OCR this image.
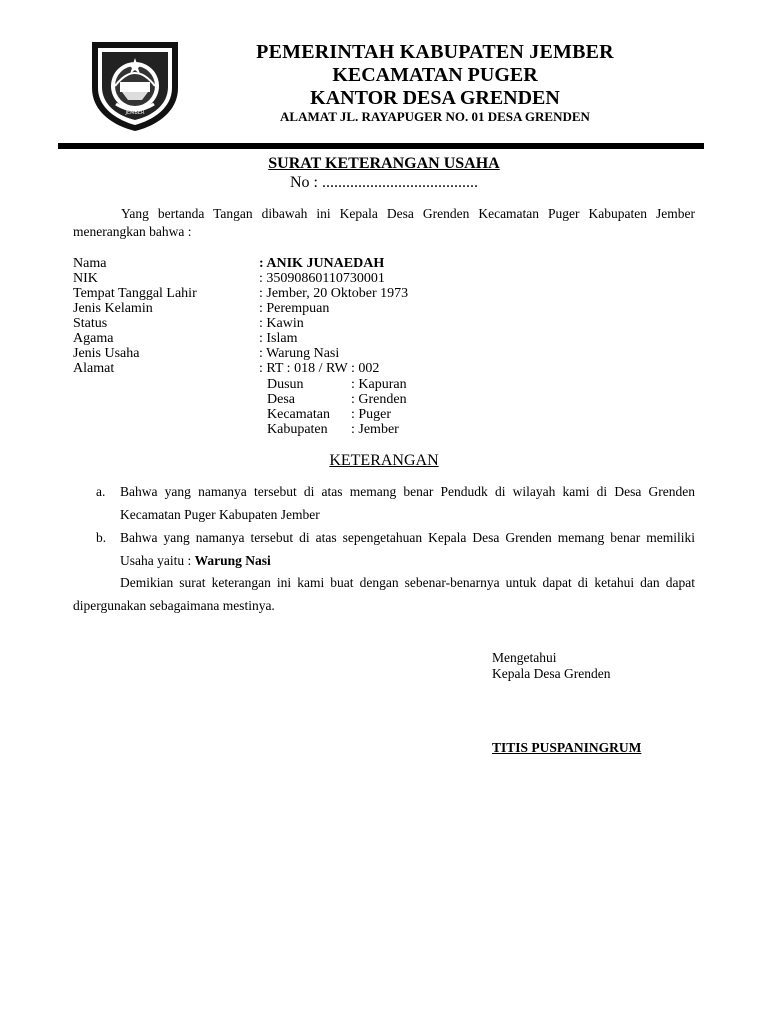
JEMBER
PEMERINTAH KABUPATEN JEMBER
KECAMATAN PUGER
KANTOR DESA GRENDEN
ALAMAT JL. RAYAPUGER NO. 01 DESA GRENDEN
SURAT KETERANGAN USAHA
No : .......................................
Yang bertanda Tangan dibawah ini Kepala Desa Grenden Kecamatan Puger Kabupaten Jember menerangkan bahwa :
Nama	: ANIK JUNAEDAH
NIK	: 35090860110730001
Tempat Tanggal Lahir	: Jember, 20 Oktober 1973
Jenis Kelamin	: Perempuan
Status	: Kawin
Agama	: Islam
Jenis Usaha	: Warung Nasi
Alamat	: RT : 018 / RW : 002
Dusun	: Kapuran
Desa	: Grenden
Kecamatan : Puger
Kabupaten : Jember
KETERANGAN
a. Bahwa yang namanya tersebut di atas memang benar Pendudk di wilayah kami di Desa Grenden Kecamatan Puger Kabupaten Jember
b. Bahwa yang namanya tersebut di atas sepengetahuan Kepala Desa Grenden memang benar memiliki Usaha yaitu : Warung Nasi
Demikian surat keterangan ini kami buat dengan sebenar-benarnya untuk dapat di ketahui dan dapat dipergunakan sebagaimana mestinya.
Mengetahui
Kepala Desa Grenden
TITIS PUSPANINGRUM
